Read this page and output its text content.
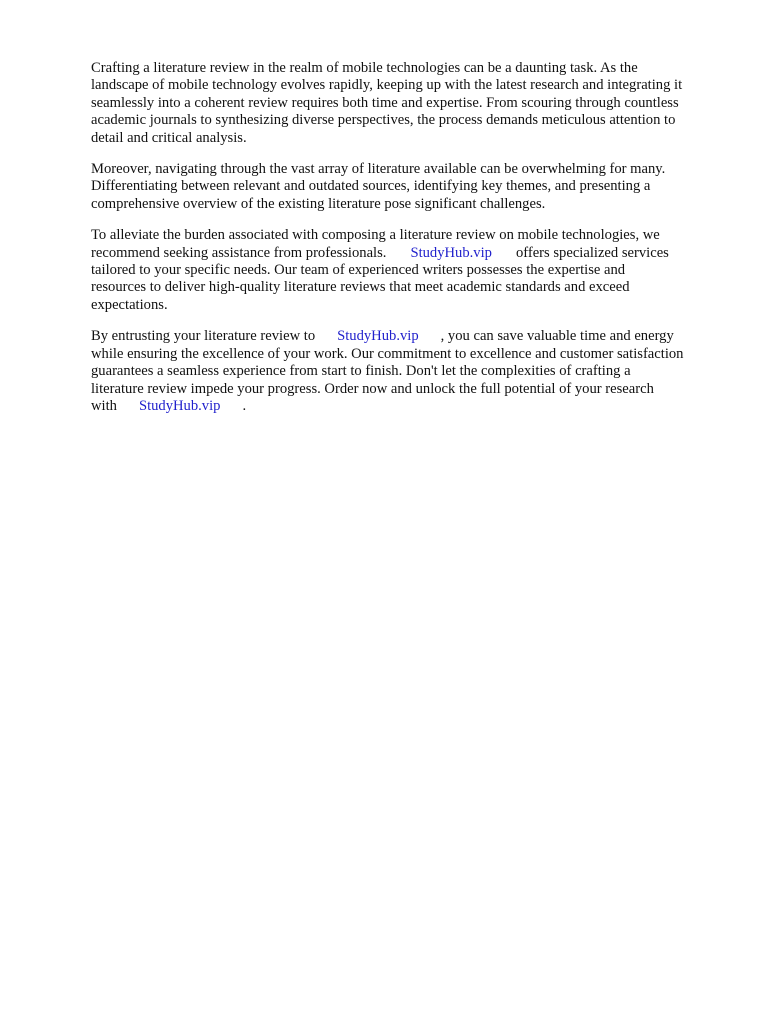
Crafting a literature review in the realm of mobile technologies can be a daunting task. As the
landscape of mobile technology evolves rapidly, keeping up with the latest research and integrating it
seamlessly into a coherent review requires both time and expertise. From scouring through countless
academic journals to synthesizing diverse perspectives, the process demands meticulous attention to
detail and critical analysis.

Moreover, navigating through the vast array of literature available can be overwhelming for many.
Differentiating between relevant and outdated sources, identifying key themes, and presenting a
comprehensive overview of the existing literature pose significant challenges.

To alleviate the burden associated with composing a literature review on mobile technologies, we
recommend seeking assistance from professionals. StudyHub.vip offers specialized services
tailored to your specific needs. Our team of experienced writers possesses the expertise and
resources to deliver high-quality literature reviews that meet academic standards and exceed
expectations.

By entrusting your literature review to StudyHub.vip , you can save valuable time and energy
while ensuring the excellence of your work. Our commitment to excellence and customer satisfaction
guarantees a seamless experience from start to finish. Don't let the complexities of crafting a
literature review impede your progress. Order now and unlock the full potential of your research
with StudyHub.vip .
